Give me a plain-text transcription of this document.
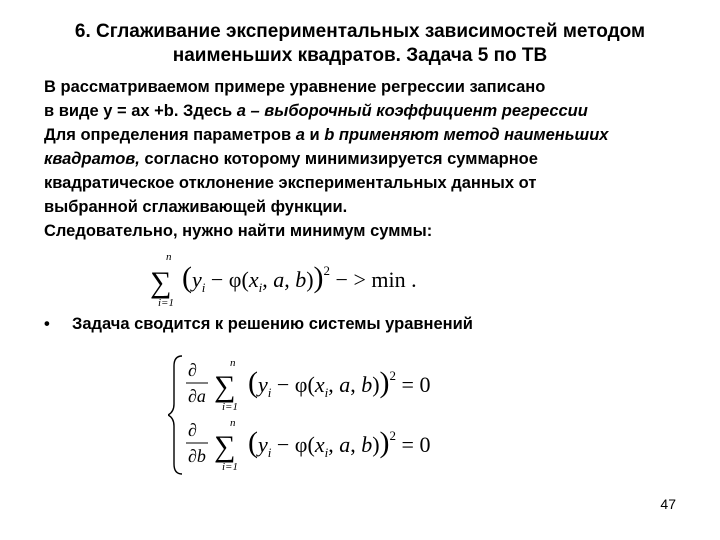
6. Сглаживание экспериментальных зависимостей методом
наименьших квадратов. Задача 5 по ТВ
В рассматриваемом примере уравнение регрессии записано
в виде y = ax +b. Здесь a – выборочный коэффициент регрессии
Для определения параметров a и b применяют метод наименьших
квадратов, согласно которому минимизируется суммарное
квадратическое отклонение экспериментальных данных от
выбранной сглаживающей функции.
Следовательно, нужно найти минимум суммы:
n
∑
i=1
($y_i - \varphi(x_i$, a, b))$^2$ − > min .
• Задача сводится к решению системы уравнений
∂
∂a
n
∑
i=1
($y_i - \varphi(x_i$, a, b))$^2$ = 0
∂
∂b
n
∑
i=1
($y_i - \varphi(x_i$, a, b))$^2$ = 0
47
